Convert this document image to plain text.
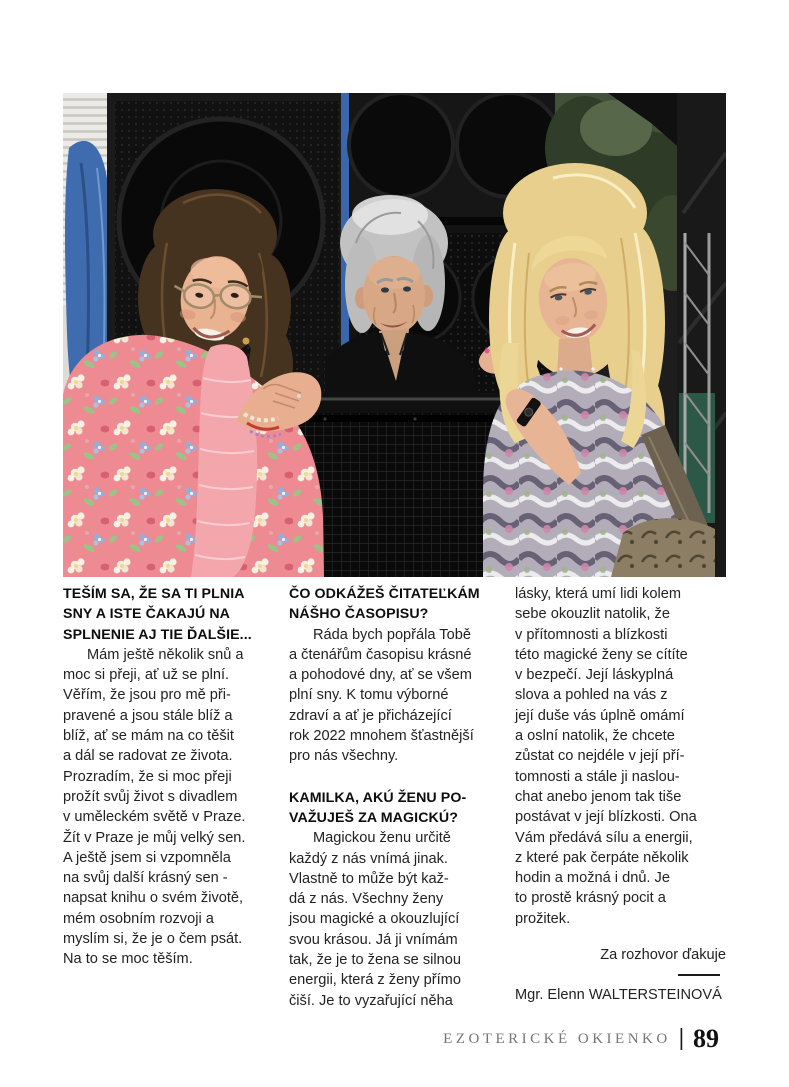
TEŠÍM SA, ŽE SA TI PLNIA
SNY A ISTE ČAKAJÚ NA
SPLNENIE AJ TIE ĎALŠIE...
Mám ještě několik snů a
moc si přeji, ať už se plní.
Věřím, že jsou pro mě při-
pravené a jsou stále blíž a
blíž, ať se mám na co těšit
a dál se radovat ze života.
Prozradím, že si moc přeji
prožít svůj život s divadlem
v uměleckém světě v Praze.
Žít v Praze je můj velký sen.
A ještě jsem si vzpomněla
na svůj další krásný sen -
napsat knihu o svém životě,
mém osobním rozvoji a
myslím si, že je o čem psát.
Na to se moc těším.
ČO ODKÁŽEŠ ČITATEĽKÁM
NÁŠHO ČASOPISU?
Ráda bych popřála Tobě
a čtenářům časopisu krásné
a pohodové dny, ať se všem
plní sny. K tomu výborné
zdraví a ať je přicházející
rok 2022 mnohem šťastnější
pro nás všechny.
KAMILKA, AKÚ ŽENU PO-
VAŽUJEŠ ZA MAGICKÚ?
Magickou ženu určitě
každý z nás vnímá jinak.
Vlastně to může být kaž-
dá z nás. Všechny ženy
jsou magické a okouzlující
svou krásou. Já ji vnímám
tak, že je to žena se silnou
energii, která z ženy přímo
čiší. Je to vyzařující něha
lásky, která umí lidi kolem
sebe okouzlit natolik, že
v přítomnosti a blízkosti
této magické ženy se cítíte
v bezpečí. Její láskyplná
slova a pohled na vás z
její duše vás úplně omámí
a oslní natolik, že chcete
zůstat co nejdéle v její pří-
tomnosti a stále ji naslou-
chat anebo jenom tak tiše
postávat v její blízkosti. Ona
Vám předává sílu a energii,
z které pak čerpáte několik
hodin a možná i dnů. Je
to prostě krásný pocit a
prožitek.
Za rozhovor ďakuje
Mgr. Elenn WALTERSTEINOVÁ
EZOTERICKÉ OKIENKO | 89
